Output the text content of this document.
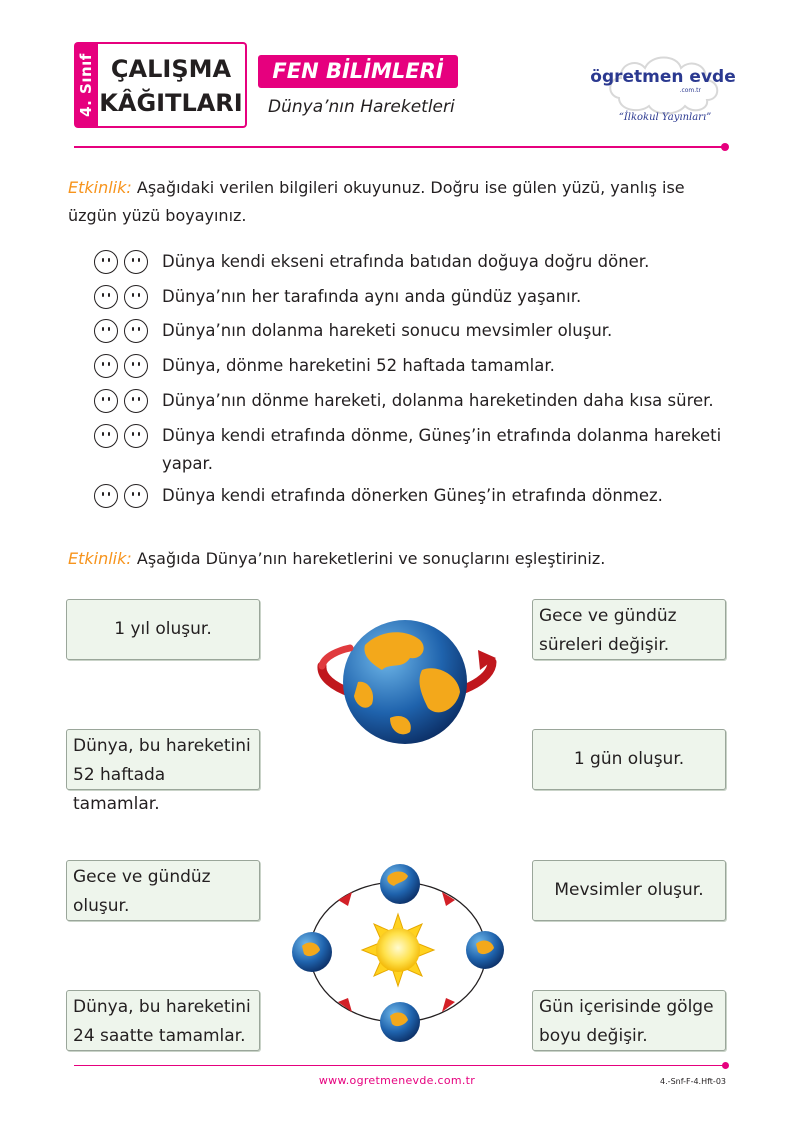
4. Sınıf ÇALIŞMA
KÂĞITLARI
FEN BİLİMLERİ
Dünya’nın Hareketleri
ögretmen evde
.com.tr
“İlkokul Yayınları”
Etkinlik: Aşağıdaki verilen bilgileri okuyunuz. Doğru ise gülen yüzü, yanlış ise üzgün yüzü boyayınız.
Dünya kendi ekseni etrafında batıdan doğuya doğru döner.
Dünya’nın her tarafında aynı anda gündüz yaşanır.
Dünya’nın dolanma hareketi sonucu mevsimler oluşur.
Dünya, dönme hareketini 52 haftada tamamlar.
Dünya’nın dönme hareketi, dolanma hareketinden daha kısa sürer.
Dünya kendi etrafında dönme, Güneş’in etrafında dolanma hareketi yapar.
Dünya kendi etrafında dönerken Güneş’in etrafında dönmez.
Etkinlik: Aşağıda Dünya’nın hareketlerini ve sonuçlarını eşleştiriniz.
1 yıl oluşur.
Dünya, bu hareketini 52 haftada tamamlar.
Gece ve gündüz oluşur.
Dünya, bu hareketini 24 saatte tamamlar.
Gece ve gündüz süreleri değişir.
1 gün oluşur.
Mevsimler oluşur.
Gün içerisinde gölge boyu değişir.
www.ogretmenevde.com.tr	4.-Snf-F-4.Hft-03
